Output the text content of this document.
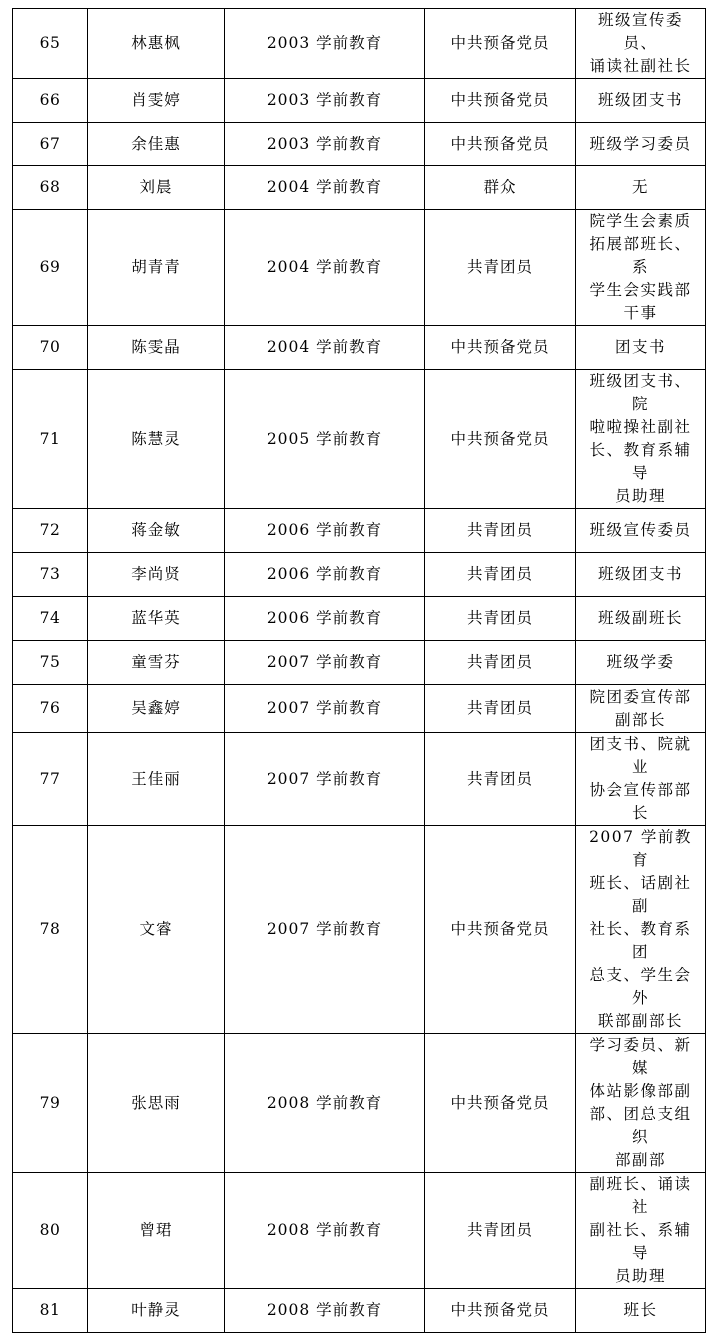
65	林惠枫	2003 学前教育	中共预备党员	班级宣传委员、
诵读社副社长
66	肖雯婷	2003 学前教育	中共预备党员	班级团支书
67	余佳惠	2003 学前教育	中共预备党员	班级学习委员
68	刘晨	2004 学前教育	群众	无
69	胡青青	2004 学前教育	共青团员	院学生会素质
拓展部班长、系
学生会实践部
干事
70	陈雯晶	2004 学前教育	中共预备党员	团支书
71	陈慧灵	2005 学前教育	中共预备党员	班级团支书、院
啦啦操社副社
长、教育系辅导
员助理
72	蒋金敏	2006 学前教育	共青团员	班级宣传委员
73	李尚贤	2006 学前教育	共青团员	班级团支书
74	蓝华英	2006 学前教育	共青团员	班级副班长
75	童雪芬	2007 学前教育	共青团员	班级学委
76	吴鑫婷	2007 学前教育	共青团员	院团委宣传部
副部长
77	王佳丽	2007 学前教育	共青团员	团支书、院就业
协会宣传部部
长
78	文睿	2007 学前教育	中共预备党员	2007 学前教育
班长、话剧社副
社长、教育系团
总支、学生会外
联部副部长
79	张思雨	2008 学前教育	中共预备党员	学习委员、新媒
体站影像部副
部、团总支组织
部副部
80	曾珺	2008 学前教育	共青团员	副班长、诵读社
副社长、系辅导
员助理
81	叶静灵	2008 学前教育	中共预备党员	班长
